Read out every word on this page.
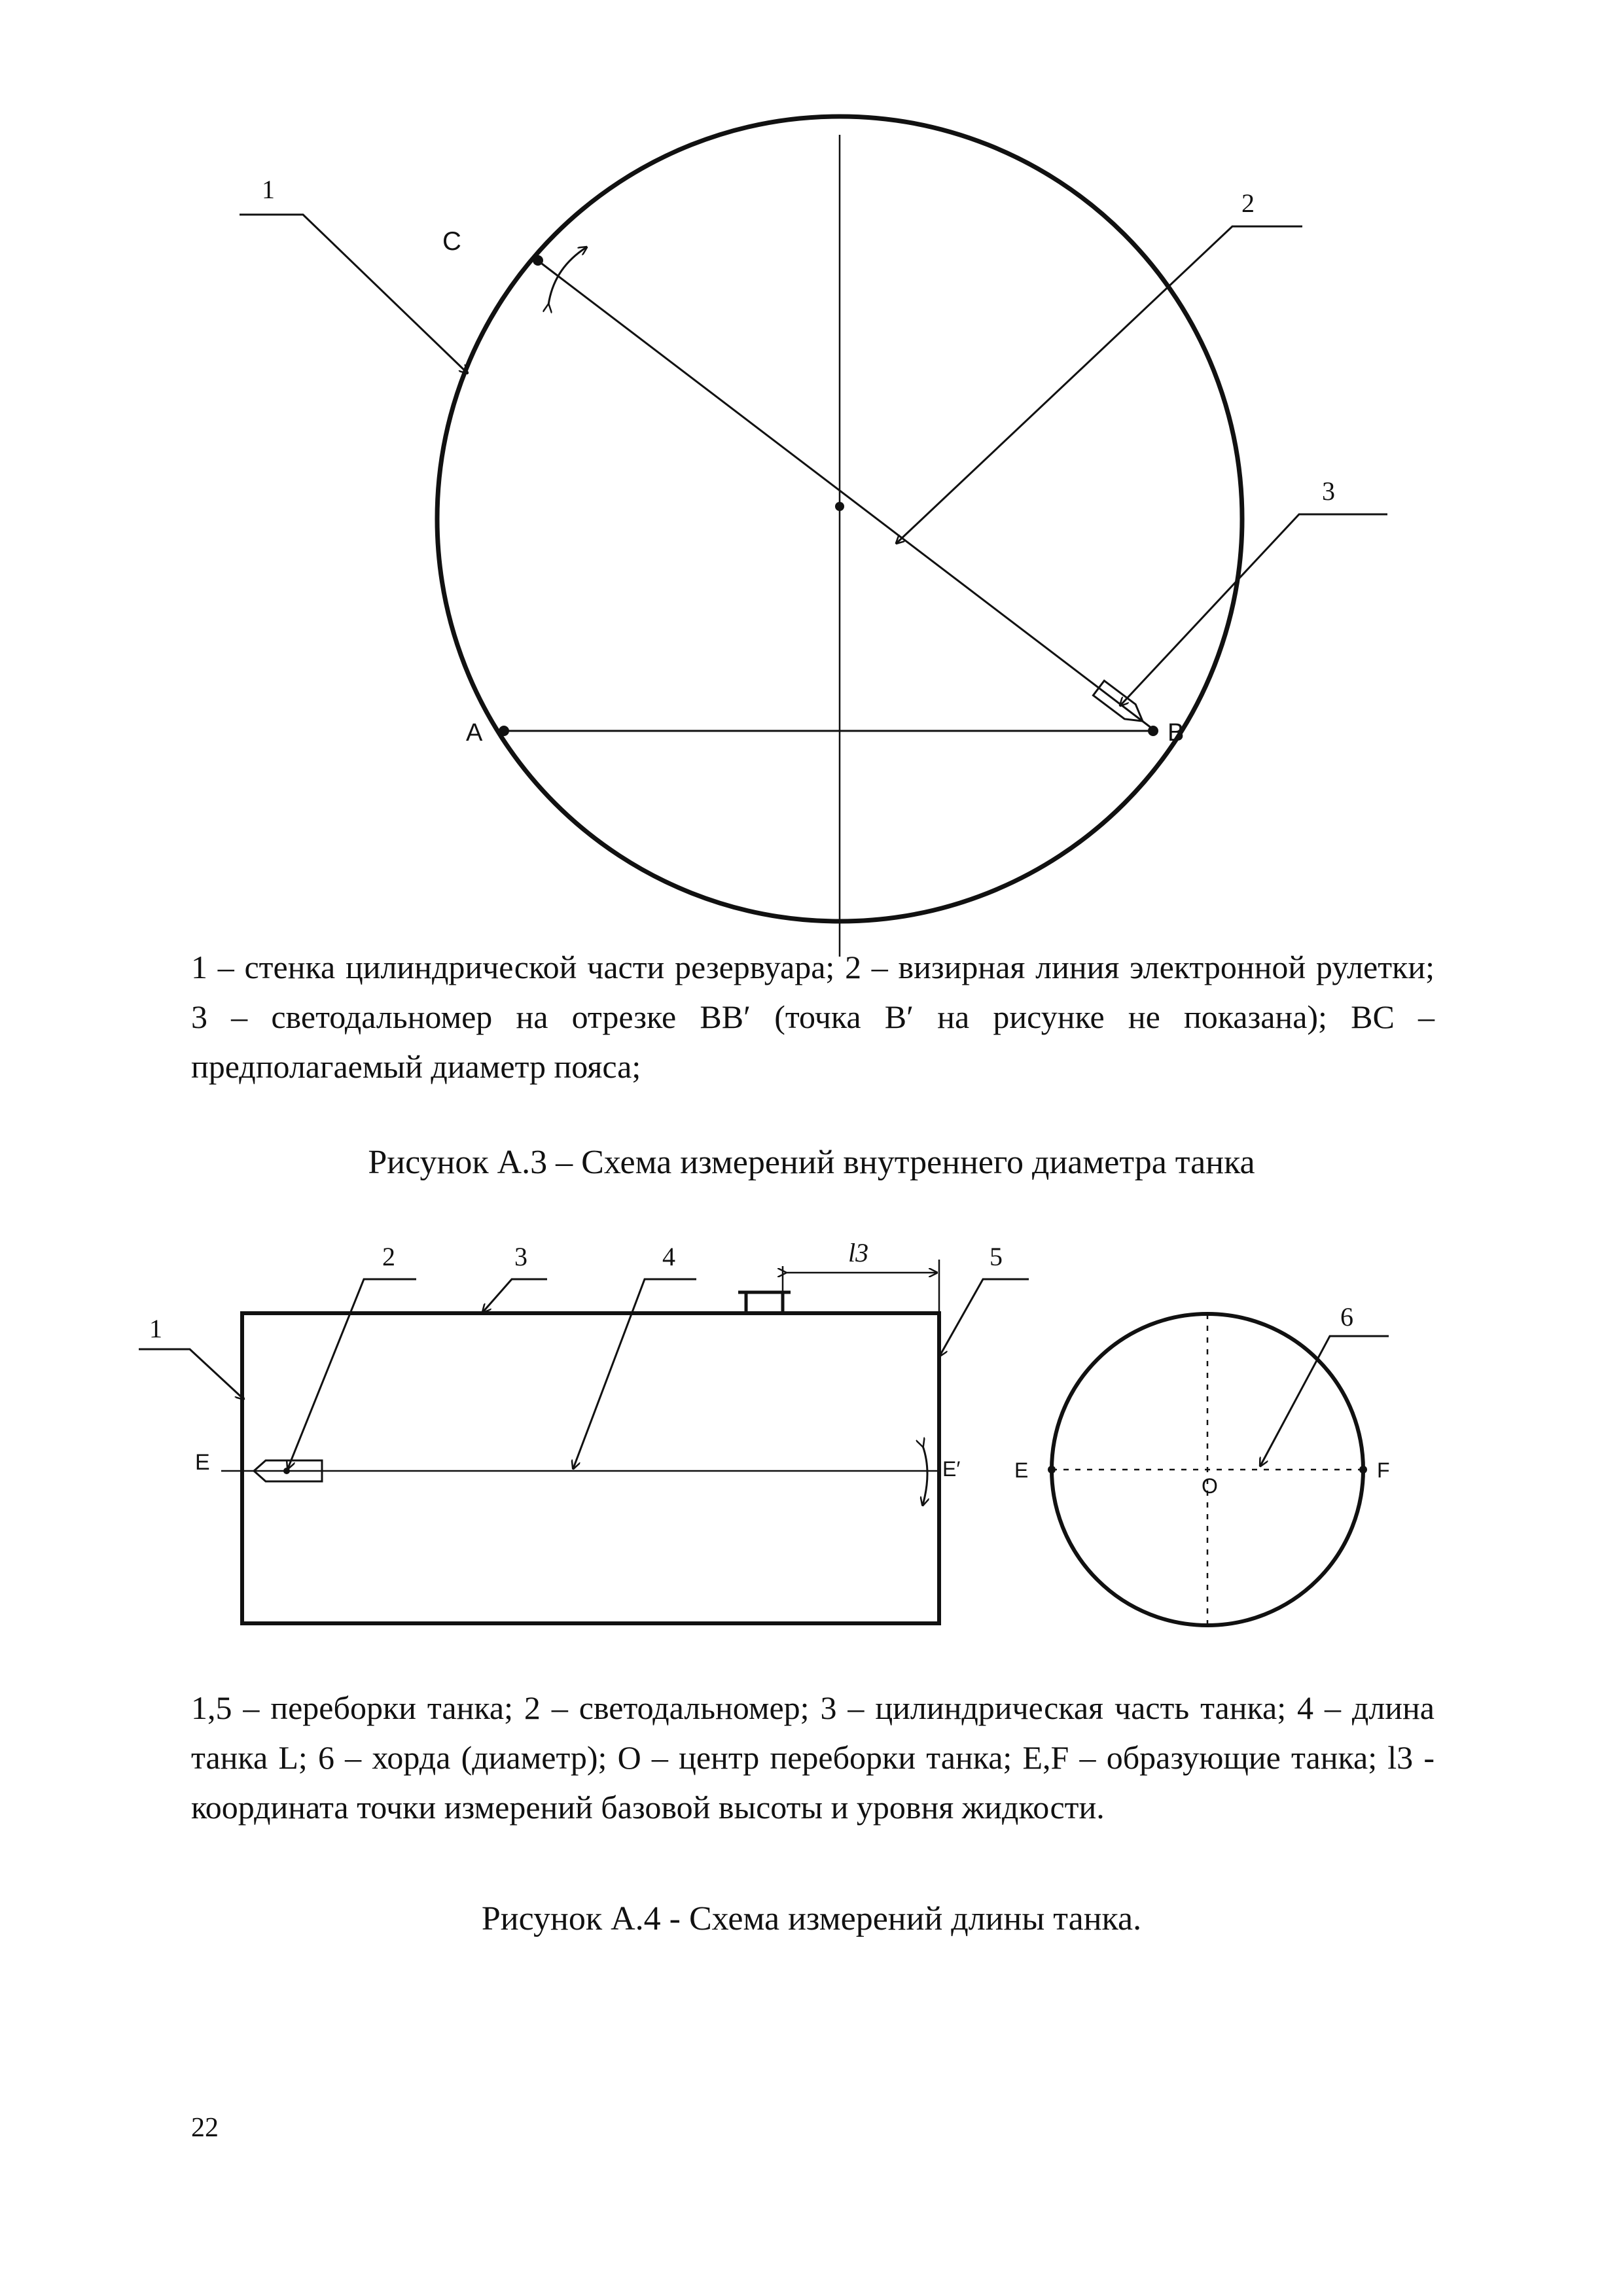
1	2
3
C
A	B
1 – стенка цилиндрической части резервуара; 2 – визирная линия электронной рулетки; 3 – светодальномер на отрезке BB′ (точка B′ на рисунке не показана); BC – предполагаемый диаметр пояса;
Рисунок А.3 – Схема измерений внутреннего диаметра танка
E	E′
1
2	3	4	l3	5
E	F
O
6
1,5 – переборки танка; 2 – светодальномер; 3 – цилиндрическая часть танка; 4 – длина танка L; 6 – хорда (диаметр); O – центр переборки танка; E,F – образующие танка; l3 - координата точки измерений базовой высоты и уровня жидкости.
Рисунок А.4 - Схема измерений длины танка.
22
